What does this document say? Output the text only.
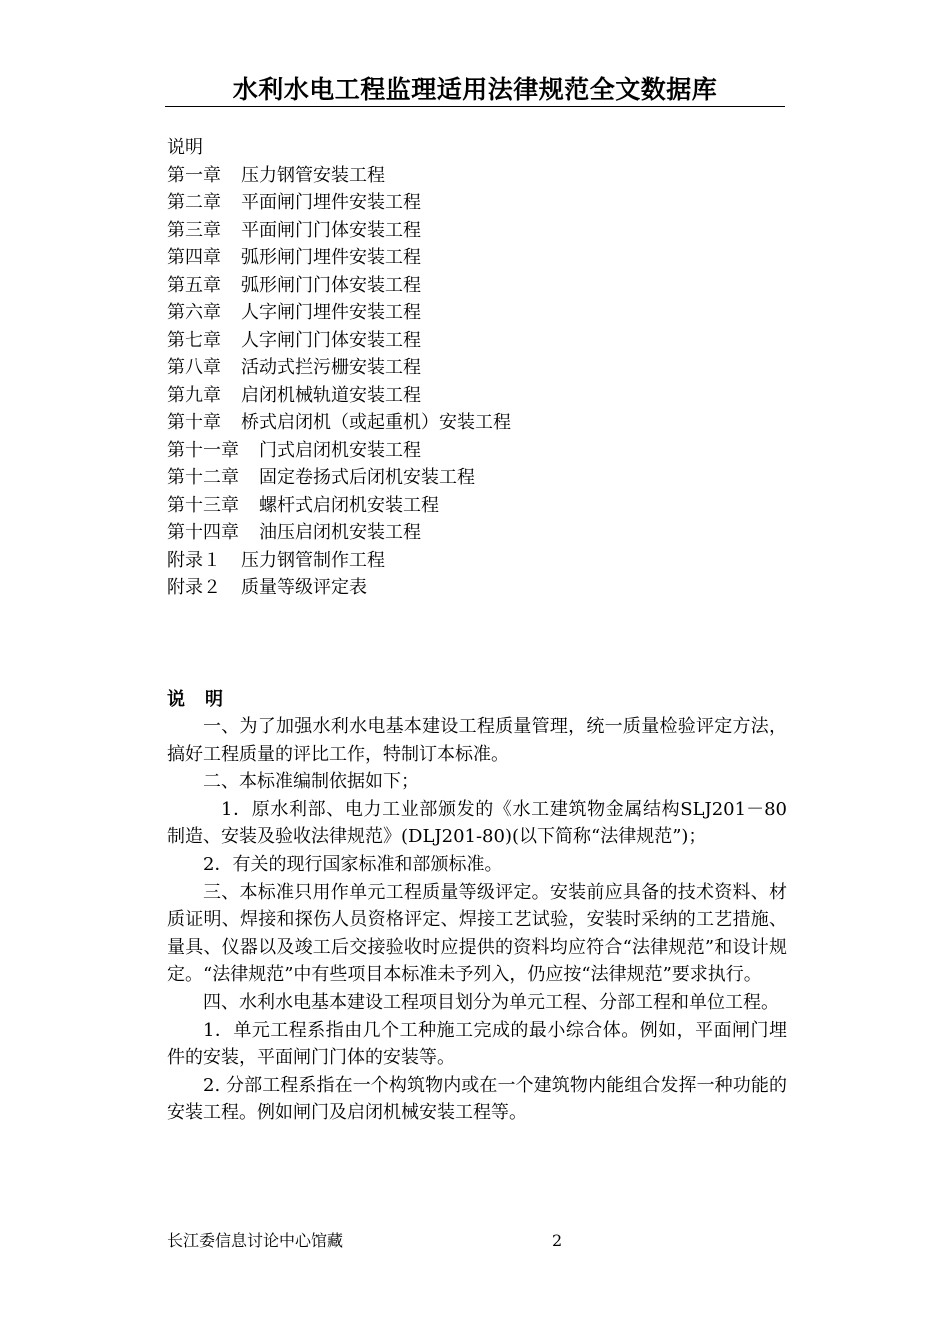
水利水电工程监理适用法律规范全文数据库
说明
第一章 压力钢管安装工程
第二章 平面闸门埋件安装工程
第三章 平面闸门门体安装工程
第四章 弧形闸门埋件安装工程
第五章 弧形闸门门体安装工程
第六章 人字闸门埋件安装工程
第七章 人字闸门门体安装工程
第八章 活动式拦污栅安装工程
第九章 启闭机械轨道安装工程
第十章 桥式启闭机（或起重机）安装工程
第十一章 门式启闭机安装工程
第十二章 固定卷扬式后闭机安装工程
第十三章 螺杆式启闭机安装工程
第十四章 油压启闭机安装工程
附录１ 压力钢管制作工程
附录２ 质量等级评定表
说明

一、为了加强水利水电基本建设工程质量管理，统一质量检验评定方法，搞好工程质量的评比工作，特制订本标准。

二、本标准编制依据如下；

1．原水利部、电力工业部颁发的《水工建筑物金属结构SLJ201－80　制造、安装及验收法律规范》(DLJ201-80)(以下简称“法律规范”)；

2．有关的现行国家标准和部颁标准。

三、本标准只用作单元工程质量等级评定。安装前应具备的技术资料、材质证明、焊接和探伤人员资格评定、焊接工艺试验，安装时采纳的工艺措施、量具、仪器以及竣工后交接验收时应提供的资料均应符合“法律规范”和设计规定。“法律规范”中有些项目本标准未予列入，仍应按“法律规范”要求执行。

四、水利水电基本建设工程项目划分为单元工程、分部工程和单位工程。

1．单元工程系指由几个工种施工完成的最小综合体。例如，平面闸门埋件的安装，平面闸门门体的安装等。

2. 分部工程系指在一个构筑物内或在一个建筑物内能组合发挥一种功能的安装工程。例如闸门及启闭机械安装工程等。

长江委信息讨论中心馆藏	2
